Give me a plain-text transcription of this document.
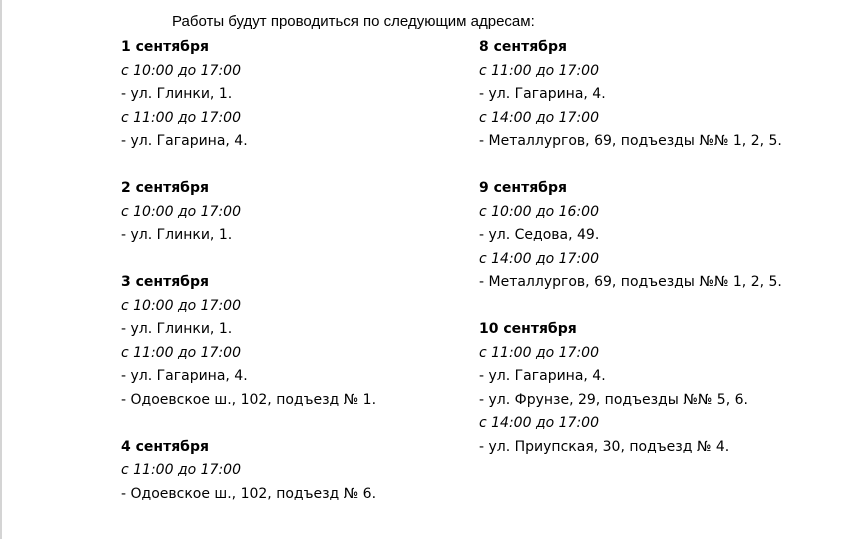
Работы будут проводиться по следующим адресам:
1 сентября
с 10:00 до 17:00
- ул. Глинки, 1.
с 11:00 до 17:00
- ул. Гагарина, 4.
2 сентября
с 10:00 до 17:00
- ул. Глинки, 1.
3 сентября
с 10:00 до 17:00
- ул. Глинки, 1.
с 11:00 до 17:00
- ул. Гагарина, 4.
- Одоевское ш., 102, подъезд № 1.
4 сентября
с 11:00 до 17:00
- Одоевское ш., 102, подъезд № 6.
8 сентября
с 11:00 до 17:00
- ул. Гагарина, 4.
с 14:00 до 17:00
- Металлургов, 69, подъезды №№ 1, 2, 5.
9 сентября
с 10:00 до 16:00
- ул. Седова, 49.
с 14:00 до 17:00
- Металлургов, 69, подъезды №№ 1, 2, 5.
10 сентября
с 11:00 до 17:00
- ул. Гагарина, 4.
- ул. Фрунзе, 29, подъезды №№ 5, 6.
с 14:00 до 17:00
- ул. Приупская, 30, подъезд № 4.
